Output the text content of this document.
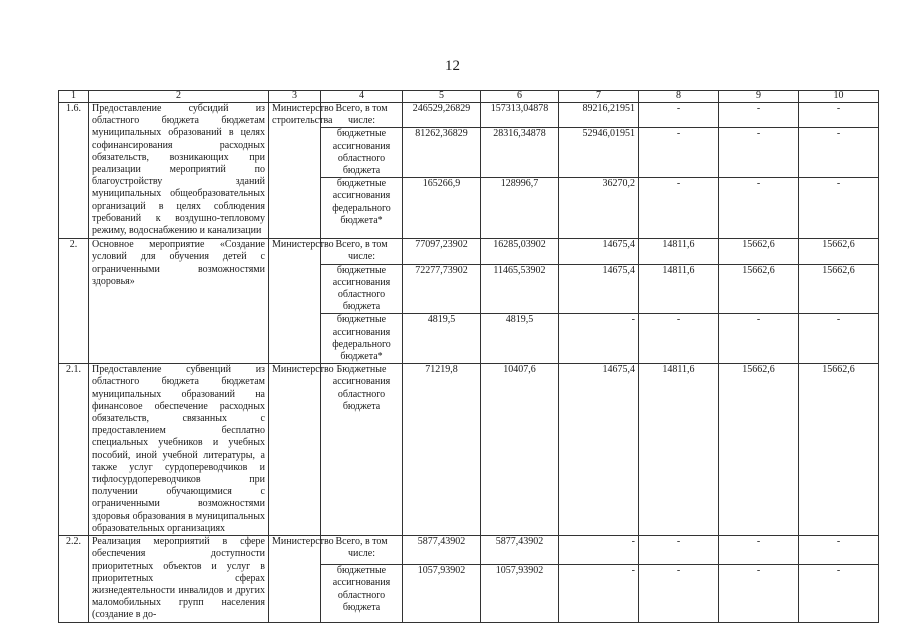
12
1	2	3	4	5	6	7	8	9	10
1.6.	Предоставление субсидий из областного бюджета бюджетам муниципальных образований в целях софинансирования расходных обязательств, возникающих при реализации мероприятий по благоустройству зданий муниципальных общеобразовательных организаций в целях соблюдения требований к воздушно-тепловому режиму, водоснабжению и канализации	Министерство строительства	Всего, в том числе:	246529,26829	157313,04878	89216,21951	-	-	-
			бюджетные ассигнования областного бюджета	81262,36829	28316,34878	52946,01951	-	-	-
			бюджетные ассигнования федерального бюджета*	165266,9	128996,7	36270,2	-	-	-
2.	Основное мероприятие «Создание условий для обучения детей с ограниченными возможностями здоровья»	Министерство	Всего, в том числе:	77097,23902	16285,03902	14675,4	14811,6	15662,6	15662,6
			бюджетные ассигнования областного бюджета	72277,73902	11465,53902	14675,4	14811,6	15662,6	15662,6
			бюджетные ассигнования федерального бюджета*	4819,5	4819,5	-	-	-	-
2.1.	Предоставление субвенций из областного бюджета бюджетам муниципальных образований на финансовое обеспечение расходных обязательств, связанных с предоставлением бесплатно специальных учебников и учебных пособий, иной учебной литературы, а также услуг сурдопереводчиков и тифлосурдопереводчиков при получении обучающимися с ограниченными возможностями здоровья образования в муниципальных образовательных организациях	Министерство	Бюджетные ассигнования областного бюджета	71219,8	10407,6	14675,4	14811,6	15662,6	15662,6
2.2.	Реализация мероприятий в сфере обеспечения доступности приоритетных объектов и услуг в приоритетных сферах жизнедеятельности инвалидов и других маломобильных групп населения (создание в до-	Министерство	Всего, в том числе:	5877,43902	5877,43902	-	-	-	-
			бюджетные ассигнования областного бюджета	1057,93902	1057,93902	-	-	-	-
